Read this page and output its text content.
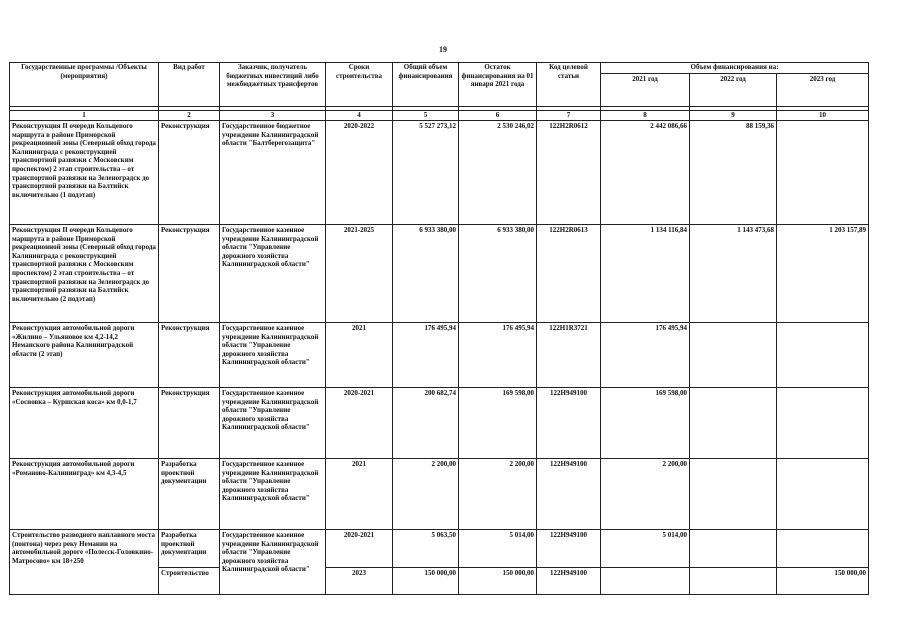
19
Государственные программы /Объекты (мероприятия)	Вид работ	Заказчик, получатель бюджетных инвестиций либо межбюджетных трансфертов	Сроки строительства	Общий объем финансирования	Остаток финансирования на 01 января 2021 года	Код целевой статьи	Объем финансирования на:		
							2021 год	2022 год	2023 год

1	2	3	4	5	6	7	8	9	10
Реконструкция II очереди Кольцевого маршрута в районе Приморской рекреационной зоны (Северный обход города Калининграда с реконструкцией транспортной развязки с Московским проспектом) 2 этап строительства – от транспортной развязки на Зеленоградск до транспортной развязки на Балтийск включительно (1 подэтап)	Реконструкция	Государственное бюджетное учреждение Калининградской области "Балтберегозащита"	2020-2022	5 527 273,12	2 530 246,02	122H2R0612	2 442 086,66	88 159,36	
Реконструкция II очереди Кольцевого маршрута в районе Приморской рекреационной зоны (Северный обход города Калининграда с реконструкцией транспортной развязки с Московским проспектом) 2 этап строительства – от транспортной развязки на Зеленоградск до транспортной развязки на Балтийск включительно (2 подэтап)	Реконструкция	Государственное казенное учреждение Калининградской области "Управление дорожного хозяйства Калининградской области"	2021-2025	6 933 380,00	6 933 380,00	122H2R0613	1 134 116,84	1 143 473,68	1 203 157,89
Реконструкция автомобильной дороги «Жилино – Ульяновое км 4,2-14,2 Неманского района Калининградской области (2 этап)	Реконструкция	Государственное казенное учреждение Калининградской области "Управление дорожного хозяйства Калининградской области"	2021	176 495,94	176 495,94	122H1R3721	176 495,94		
Реконструкция автомобильной дороги «Сосновка – Куршская коса» км 0,0-1,7	Реконструкция	Государственное казенное учреждение Калининградской области "Управление дорожного хозяйства Калининградской области"	2020-2021	200 682,74	169 598,00	122H949100	169 598,00		
Реконструкция автомобильной дороги «Романово-Калининград» км 4,3-4,5	Разработка проектной документации	Государственное казенное учреждение Калининградской области "Управление дорожного хозяйства Калининградской области"	2021	2 200,00	2 200,00	122H949100	2 200,00		
Строительство разводного наплавного моста (понтона) через реку Неманин на автомобильной дороге «Полесск-Головкино-Матросово» км 18+250	Разработка проектной документации	Государственное казенное учреждение Калининградской области "Управление дорожного хозяйства Калининградской области"	2020-2021	5 063,50	5 014,00	122H949100	5 014,00		
	Строительство		2023	150 000,00	150 000,00	122H949100			150 000,00
